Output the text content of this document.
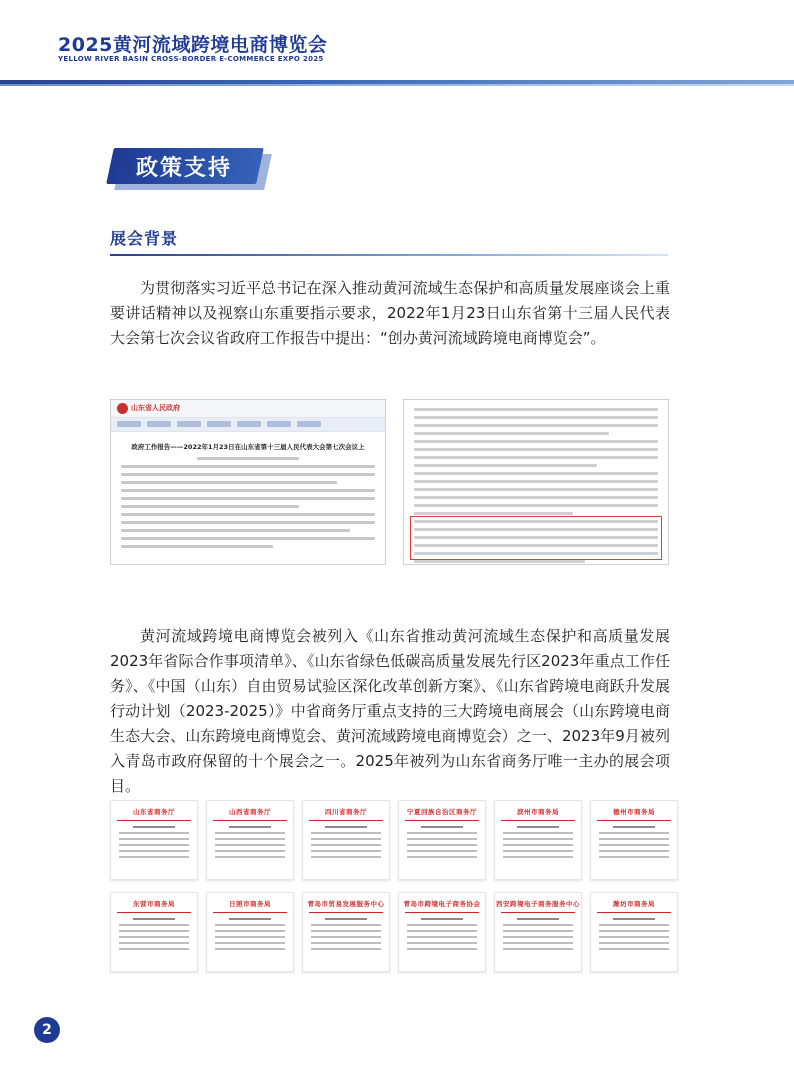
2025黄河流域跨境电商博览会
YELLOW RIVER BASIN CROSS-BORDER E-COMMERCE EXPO 2025
政策支持
展会背景

为贯彻落实习近平总书记在深入推动黄河流域生态保护和高质量发展座谈会上重要讲话精神以及视察山东重要指示要求，2022年1月23日山东省第十三届人民代表大会第七次会议省政府工作报告中提出：“创办黄河流域跨境电商博览会”。

山东省人民政府
政府工作报告——2022年1月23日在山东省第十三届人民代表大会第七次会议上

黄河流域跨境电商博览会被列入《山东省推动黄河流域生态保护和高质量发展2023年省际合作事项清单》、《山东省绿色低碳高质量发展先行区2023年重点工作任务》、《中国（山东）自由贸易试验区深化改革创新方案》、《山东省跨境电商跃升发展行动计划（2023-2025）》中省商务厅重点支持的三大跨境电商展会（山东跨境电商生态大会、山东跨境电商博览会、黄河流域跨境电商博览会）之一、2023年9月被列入青岛市政府保留的十个展会之一。2025年被列为山东省商务厅唯一主办的展会项目。

山东省商务厅	山西省商务厅	四川省商务厅	宁夏回族自治区商务厅	滨州市商务局	德州市商务局
东营市商务局	日照市商务局	青岛市贸易发展服务中心	青岛市跨境电子商务协会	西安跨境电子商务服务中心	潍坊市商务局
2
